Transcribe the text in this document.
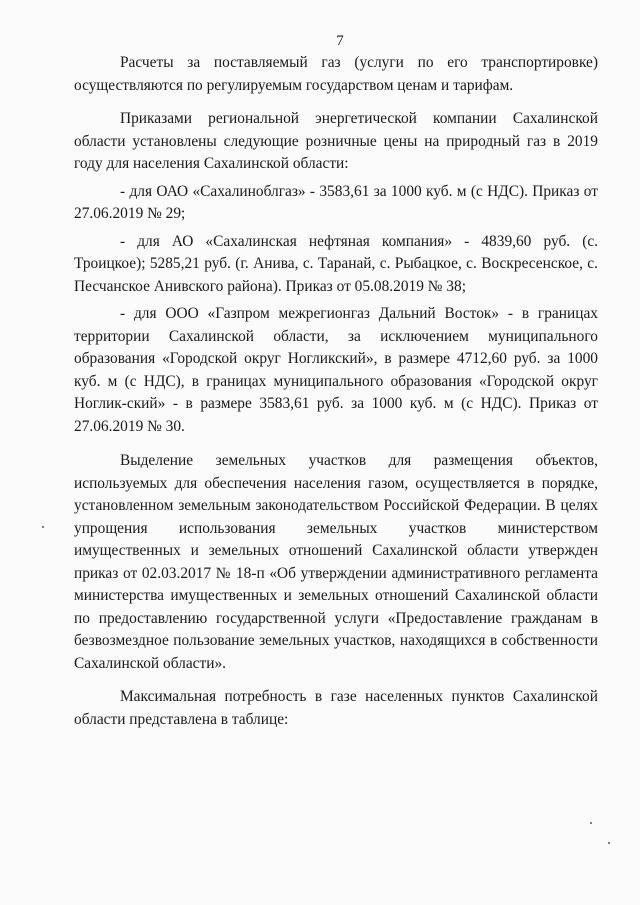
7

Расчеты за поставляемый газ (услуги по его транспортировке) осуществляются по регулируемым государством ценам и тарифам.

Приказами региональной энергетической компании Сахалинской области установлены следующие розничные цены на природный газ в 2019 году для населения Сахалинской области:

- для ОАО «Сахалиноблгаз» - 3583,61 за 1000 куб. м (с НДС). Приказ от 27.06.2019 № 29;

- для АО «Сахалинская нефтяная компания» - 4839,60 руб. (с. Троицкое); 5285,21 руб. (г. Анива, с. Таранай, с. Рыбацкое, с. Воскресенское, с. Песчанское Анивского района). Приказ от 05.08.2019 № 38;

- для ООО «Газпром межрегионгаз Дальний Восток» - в границах территории Сахалинской области, за исключением муниципального образования «Городской округ Ногликский», в размере 4712,60 руб. за 1000 куб. м (с НДС), в границах муниципального образования «Городской округ Ноглик-ский» - в размере 3583,61 руб. за 1000 куб. м (с НДС). Приказ от 27.06.2019 № 30.

Выделение земельных участков для размещения объектов, используемых для обеспечения населения газом, осуществляется в порядке, установленном земельным законодательством Российской Федерации. В целях упрощения использования земельных участков министерством имущественных и земельных отношений Сахалинской области утвержден приказ от 02.03.2017 № 18-п «Об утверждении административного регламента министерства имущественных и земельных отношений Сахалинской области по предоставлению государственной услуги «Предоставление гражданам в безвозмездное пользование земельных участков, находящихся в собственности Сахалинской области».

Максимальная потребность в газе населенных пунктов Сахалинской области представлена в таблице:
